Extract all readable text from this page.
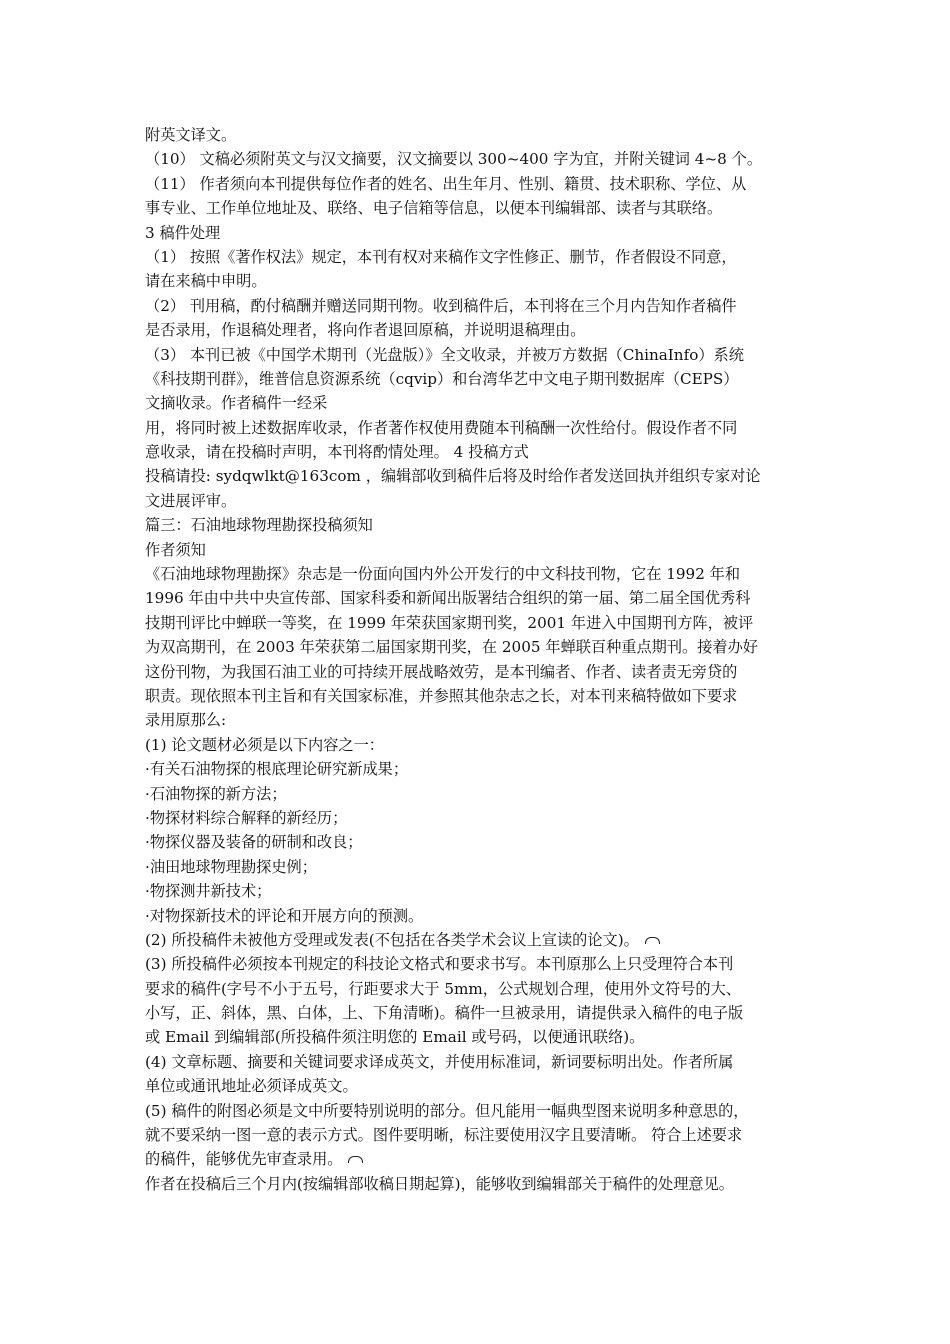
附英文译文。
（10） 文稿必须附英文与汉文摘要，汉文摘要以 300~400 字为宜，并附关键词 4~8 个。
（11） 作者须向本刊提供每位作者的姓名、出生年月、性别、籍贯、技术职称、学位、从
事专业、工作单位地址及、联络、电子信箱等信息，以便本刊编辑部、读者与其联络。
3 稿件处理
（1） 按照《著作权法》规定，本刊有权对来稿作文字性修正、删节，作者假设不同意，
请在来稿中申明。
（2） 刊用稿，酌付稿酬并赠送同期刊物。收到稿件后，本刊将在三个月内告知作者稿件
是否录用，作退稿处理者，将向作者退回原稿，并说明退稿理由。
（3） 本刊已被《中国学术期刊（光盘版）》全文收录，并被万方数据（ChinaInfo）系统
《科技期刊群》，维普信息资源系统（cqvip）和台湾华艺中文电子期刊数据库（CEPS）
文摘收录。作者稿件一经采
用，将同时被上述数据库收录，作者著作权使用费随本刊稿酬一次性给付。假设作者不同
意收录，请在投稿时声明，本刊将酌情处理。 4 投稿方式
投稿请投: sydqwlkt@163com ，编辑部收到稿件后将及时给作者发送回执并组织专家对论
文进展评审。
篇三：石油地球物理勘探投稿须知
作者须知
《石油地球物理勘探》杂志是一份面向国内外公开发行的中文科技刊物，它在 1992 年和
1996 年由中共中央宣传部、国家科委和新闻出版署结合组织的第一届、第二届全国优秀科
技期刊评比中蝉联一等奖，在 1999 年荣获国家期刊奖，2001 年进入中国期刊方阵，被评
为双高期刊，在 2003 年荣获第二届国家期刊奖，在 2005 年蝉联百种重点期刊。接着办好
这份刊物，为我国石油工业的可持续开展战略效劳，是本刊编者、作者、读者责无旁贷的
职责。现依照本刊主旨和有关国家标准，并参照其他杂志之长，对本刊来稿特做如下要求
录用原那么:
(1) 论文题材必须是以下内容之一：
·有关石油物探的根底理论研究新成果；
·石油物探的新方法；
·物探材料综合解释的新经历；
·物探仪器及装备的研制和改良；
·油田地球物理勘探史例；
·物探测井新技术；
·对物探新技术的评论和开展方向的预测。
(2) 所投稿件未被他方受理或发表(不包括在各类学术会议上宣读的论文)。
(3) 所投稿件必须按本刊规定的科技论文格式和要求书写。本刊原那么上只受理符合本刊
要求的稿件(字号不小于五号，行距要求大于 5mm，公式规划合理，使用外文符号的大、
小写，正、斜体，黑、白体，上、下角清晰)。稿件一旦被录用，请提供录入稿件的电子版
或 Email 到编辑部(所投稿件须注明您的 Email 或号码，以便通讯联络)。
(4) 文章标题、摘要和关键词要求译成英文，并使用标准词，新词要标明出处。作者所属
单位或通讯地址必须译成英文。
(5) 稿件的附图必须是文中所要特别说明的部分。但凡能用一幅典型图来说明多种意思的，
就不要采纳一图一意的表示方式。图件要明晰，标注要使用汉字且要清晰。 符合上述要求
的稿件，能够优先审查录用。
作者在投稿后三个月内(按编辑部收稿日期起算)，能够收到编辑部关于稿件的处理意见。
